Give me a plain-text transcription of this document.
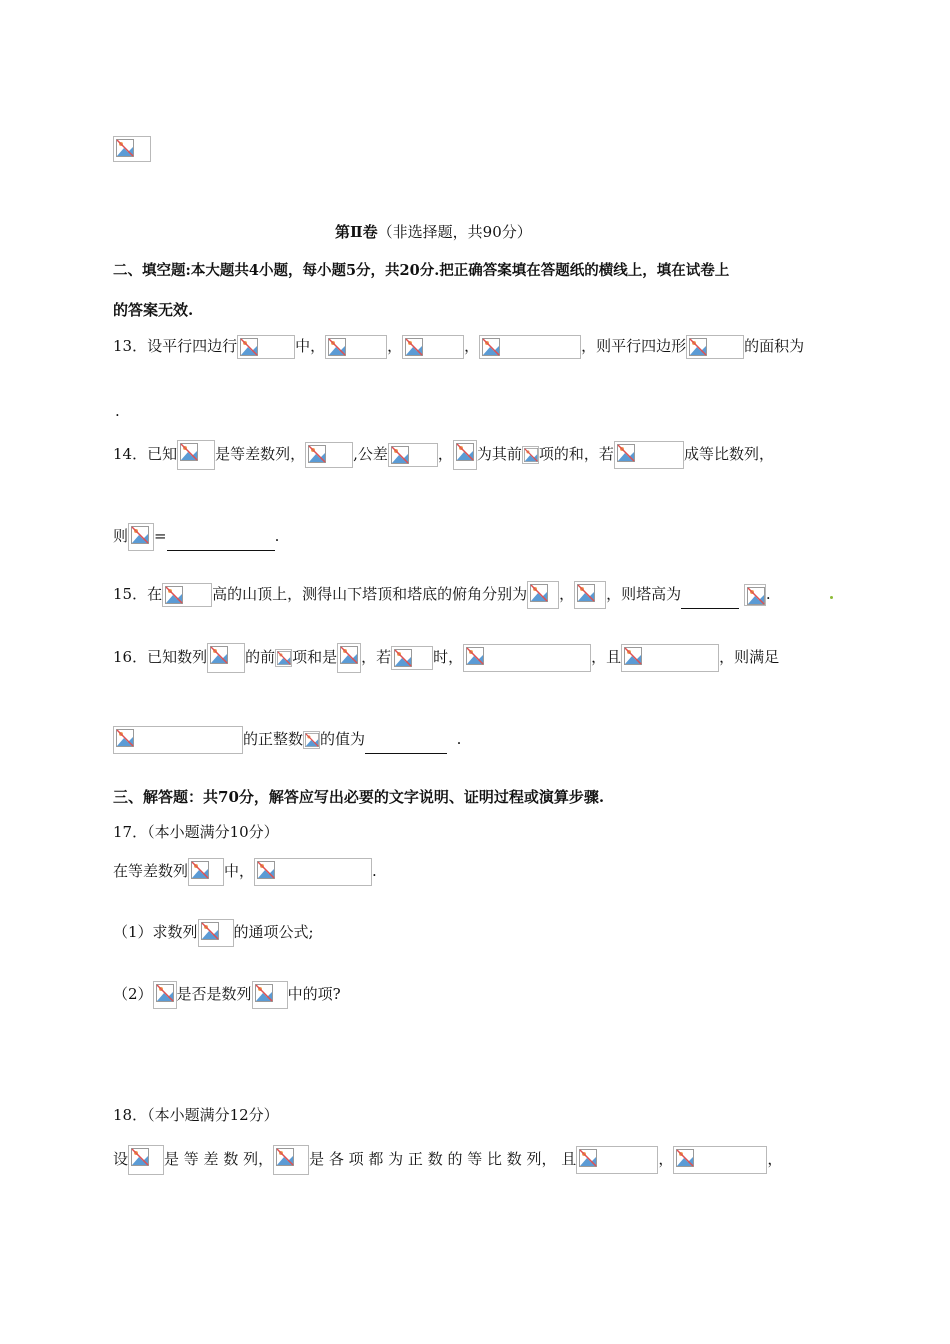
第Ⅱ卷（非选择题，共90分）
二、填空题:本大题共4小题，每小题5分，共20分.把正确答案填在答题纸的横线上，填在试卷上
的答案无效.
13．设平行四边行	中，	，	，	，则平行四边形	的面积为
.
14．已知	是等差数列，	,公差	， 为其前 项的和，若	成等比数列，
则 =	.
15．在	高的山顶上，测得山下塔顶和塔底的俯角分别为 ， ，则塔高为	.
16．已知数列	的前 项和是 ，若	时，	，且	，则满足
的正整数 的值为	.
三、解答题：共70分，解答应写出必要的文字说明、证明过程或演算步骤.
17．（本小题满分10分）
在等差数列 中，	.
（1）求数列 的通项公式;
（2） 是否是数列 中的项?
18．（本小题满分12分）
设 是 等 差 数 列， 是 各 项 都 为 正 数 的 等 比 数 列， 且	，	，
